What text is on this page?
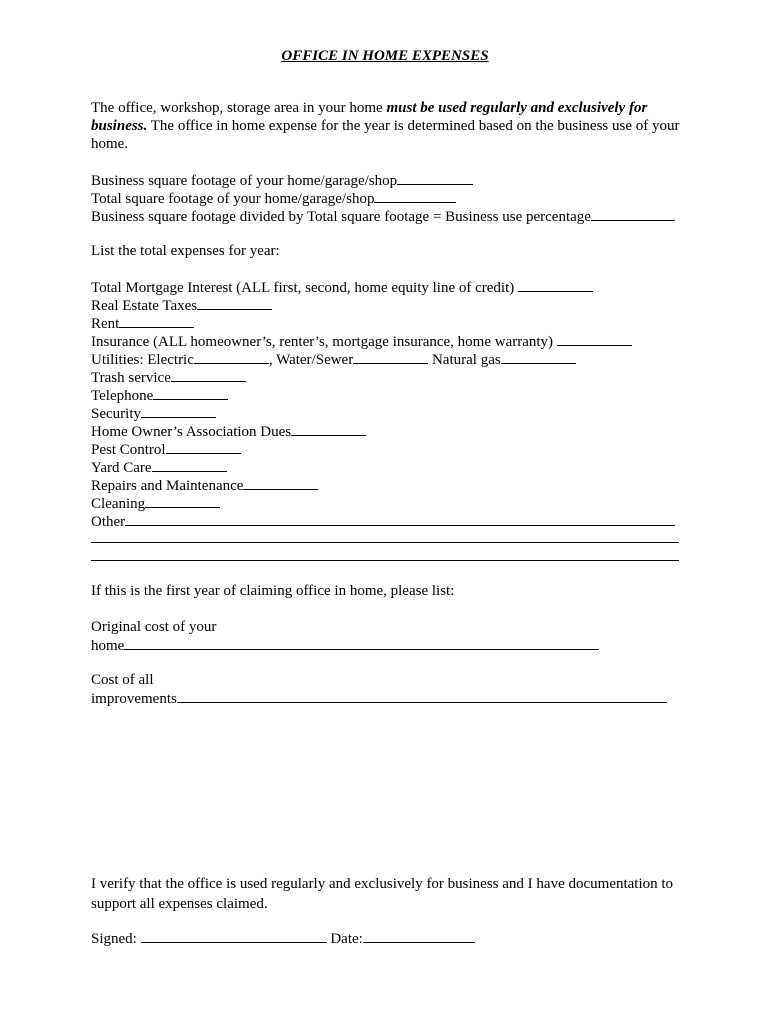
OFFICE IN HOME EXPENSES
The office, workshop, storage area in your home must be used regularly and exclusively for business. The office in home expense for the year is determined based on the business use of your home.
Business square footage of your home/garage/shop
Total square footage of your home/garage/shop
Business square footage divided by Total square footage = Business use percentage
List the total expenses for year:
Total Mortgage Interest (ALL first, second, home equity line of credit)
Real Estate Taxes
Rent
Insurance (ALL homeowner’s, renter’s, mortgage insurance, home warranty)
Utilities: Electric	, Water/Sewer	Natural gas
Trash service
Telephone
Security
Home Owner’s Association Dues
Pest Control
Yard Care
Repairs and Maintenance
Cleaning
Other
If this is the first year of claiming office in home, please list:
Original cost of your
home
Cost of all
improvements
I verify that the office is used regularly and exclusively for business and I have documentation to support all expenses claimed.
Signed:	Date:
